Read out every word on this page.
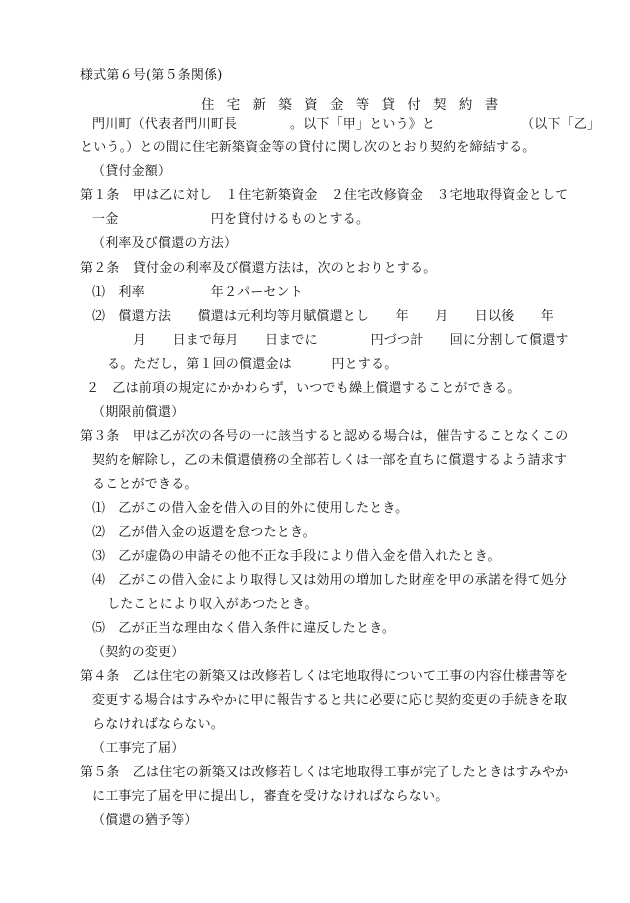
様式第６号(第５条関係)
住 宅 新 築 資 金 等 貸 付 契 約 書
門川町（代表者門川町長　　　　。以下「甲」という》と　　　　　　　（以下「乙」
という。）との間に住宅新築資金等の貸付に関し次のとおり契約を締結する。
（貸付金額）
第１条　甲は乙に対し　１住宅新築資金　２住宅改修資金　３宅地取得資金として
一金　　　　　　　円を貸付けるものとする。
（利率及び償還の方法）
第２条　貸付金の利率及び償還方法は，次のとおりとする。
⑴　利率　　　　　年２パーセント
⑵　償還方法　　償還は元利均等月賦償還とし　　年　　月　　日以後　　年
月　　日まで毎月　　日までに　　　　円づつ計　　回に分割して償還す
る。ただし，第１回の償還金は　　　円とする。
２　乙は前項の規定にかかわらず，いつでも繰上償還することができる。
（期限前償還）
第３条　甲は乙が次の各号の一に該当すると認める場合は，催告することなくこの
契約を解除し，乙の未償還債務の全部若しくは一部を直ちに償還するよう請求す
ることができる。
⑴　乙がこの借入金を借入の目的外に使用したとき。
⑵　乙が借入金の返還を怠つたとき。
⑶　乙が虚偽の申請その他不正な手段により借入金を借入れたとき。
⑷　乙がこの借入金により取得し又は効用の増加した財産を甲の承諾を得て処分
したことにより収入があつたとき。
⑸　乙が正当な理由なく借入条件に違反したとき。
（契約の変更）
第４条　乙は住宅の新築又は改修若しくは宅地取得について工事の内容仕様書等を
変更する場合はすみやかに甲に報告すると共に必要に応じ契約変更の手続きを取
らなければならない。
（工事完了届）
第５条　乙は住宅の新築又は改修若しくは宅地取得工事が完了したときはすみやか
に工事完了届を甲に提出し，審査を受けなければならない。
（償還の猶予等）
